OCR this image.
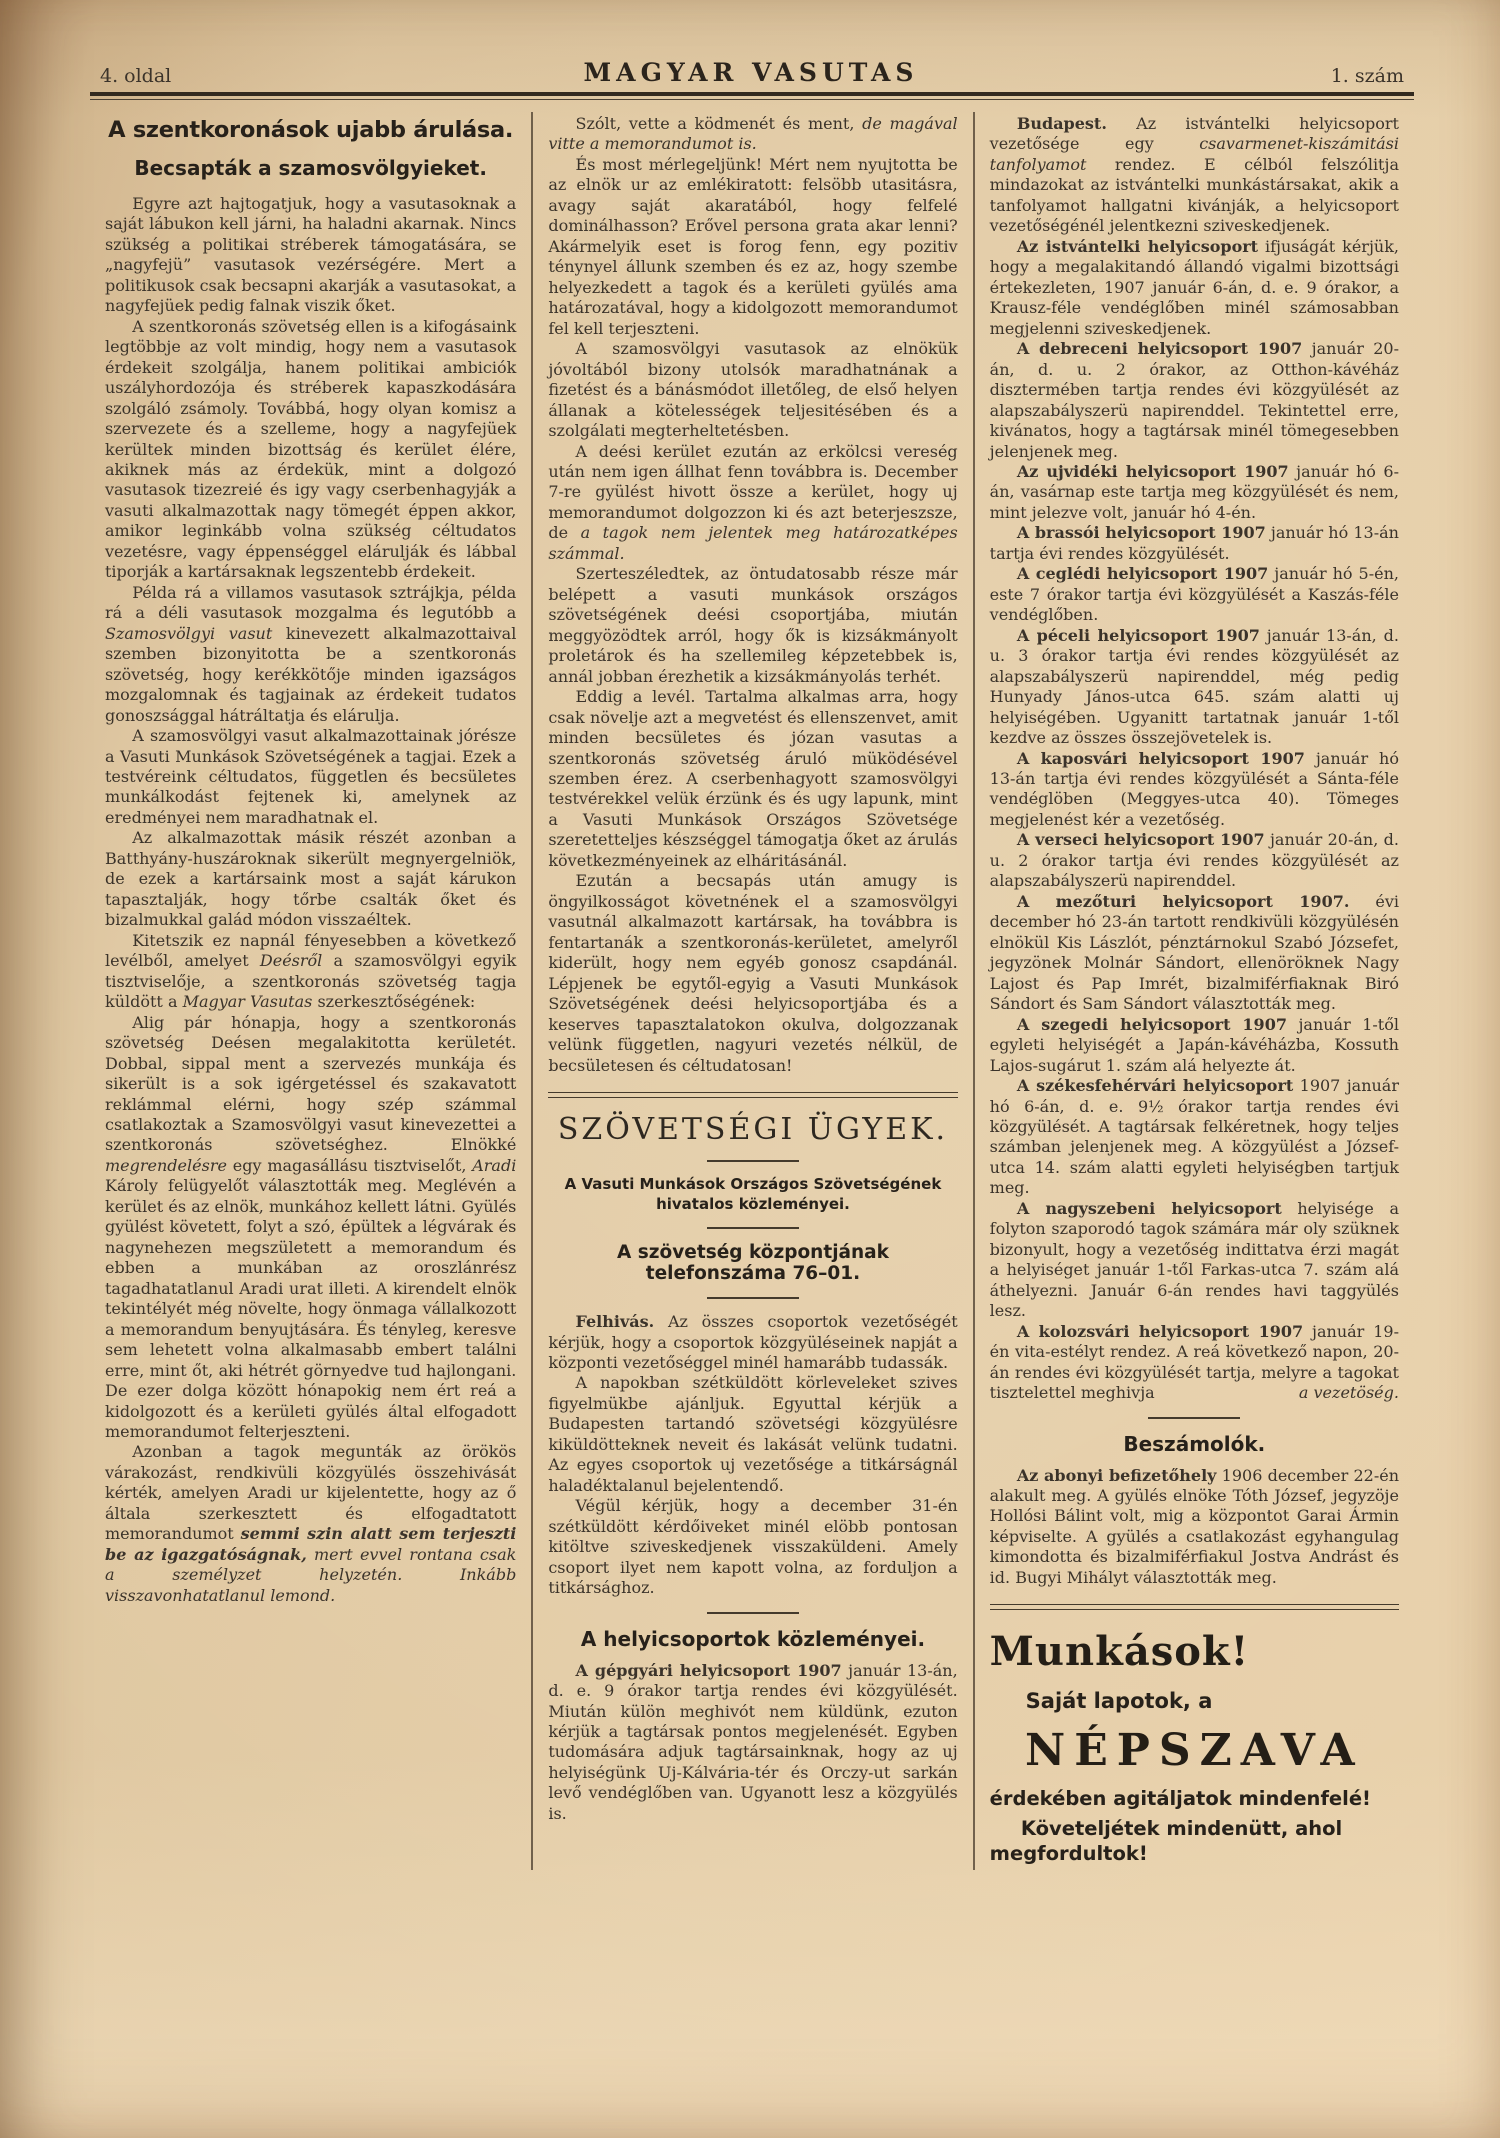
4. oldal	MAGYAR VASUTAS	1. szám
A szentkoronások ujabb árulása.
Becsapták a szamosvölgyieket.

Egyre azt hajtogatjuk, hogy a vasutasoknak a saját lábukon kell járni, ha haladni akarnak. Nincs szükség a politikai stréberek támogatására, se „nagyfejü” vasutasok vezérségére. Mert a politikusok csak becsapni akarják a vasutasokat, a nagyfejüek pedig falnak viszik őket.

A szentkoronás szövetség ellen is a kifogásaink legtöbbje az volt mindig, hogy nem a vasutasok érdekeit szolgálja, hanem politikai ambiciók uszályhordozója és stréberek kapaszkodására szolgáló zsámoly. Továbbá, hogy olyan komisz a szervezete és a szelleme, hogy a nagyfejüek kerültek minden bizottság és kerület élére, akiknek más az érdekük, mint a dolgozó vasutasok tizezreié és igy vagy cserbenhagyják a vasuti alkalmazottak nagy tömegét éppen akkor, amikor leginkább volna szükség céltudatos vezetésre, vagy éppenséggel elárulják és lábbal tiporják a kartársaknak legszentebb érdekeit.

Példa rá a villamos vasutasok sztrájkja, példa rá a déli vasutasok mozgalma és legutóbb a Szamosvölgyi vasut kinevezett alkalmazottaival szemben bizonyitotta be a szentkoronás szövetség, hogy kerékkötője minden igazságos mozgalomnak és tagjainak az érdekeit tudatos gonoszsággal hátráltatja és elárulja.

A szamosvölgyi vasut alkalmazottainak jórésze a Vasuti Munkások Szövetségének a tagjai. Ezek a testvéreink céltudatos, független és becsületes munkálkodást fejtenek ki, amelynek az eredményei nem maradhatnak el.

Az alkalmazottak másik részét azonban a Batthyány-huszároknak sikerült megnyergelniök, de ezek a kartársaink most a saját kárukon tapasztalják, hogy tőrbe csalták őket és bizalmukkal galád módon visszaéltek.

Kitetszik ez napnál fényesebben a következő levélből, amelyet Deésről a szamosvölgyi egyik tisztviselője, a szentkoronás szövetség tagja küldött a Magyar Vasutas szerkesztőségének:

Alig pár hónapja, hogy a szentkoronás szövetség Deésen megalakitotta kerületét. Dobbal, sippal ment a szervezés munkája és sikerült is a sok igérgetéssel és szakavatott reklámmal elérni, hogy szép számmal csatlakoztak a Szamosvölgyi vasut kinevezettei a szentkoronás szövetséghez. Elnökké megrendelésre egy magasállásu tisztviselőt, Aradi Károly felügyelőt választották meg. Meglévén a kerület és az elnök, munkához kellett látni. Gyülés gyülést követett, folyt a szó, épültek a légvárak és nagynehezen megszületett a memorandum és ebben a munkában az oroszlánrész tagadhatatlanul Aradi urat illeti. A kirendelt elnök tekintélyét még növelte, hogy önmaga vállalkozott a memorandum benyujtására. És tényleg, keresve sem lehetett volna alkalmasabb embert találni erre, mint őt, aki hétrét görnyedve tud hajlongani. De ezer dolga között hónapokig nem ért reá a kidolgozott és a kerületi gyülés által elfogadott memorandumot felterjeszteni.

Azonban a tagok megunták az örökös várakozást, rendkivüli közgyülés összehivását kérték, amelyen Aradi ur kijelentette, hogy az ő általa szerkesztett és elfogadtatott memorandumot semmi szin alatt sem terjeszti be az igazgatóságnak, mert evvel rontana csak a személyzet helyzetén. Inkább visszavonhatatlanul lemond.

Szólt, vette a ködmenét és ment, de magával vitte a memorandumot is.

És most mérlegeljünk! Mért nem nyujtotta be az elnök ur az emlékiratott: felsöbb utasitásra, avagy saját akaratából, hogy felfelé dominálhasson? Erővel persona grata akar lenni? Akármelyik eset is forog fenn, egy pozitiv ténynyel állunk szemben és ez az, hogy szembe helyezkedett a tagok és a kerületi gyülés ama határozatával, hogy a kidolgozott memorandumot fel kell terjeszteni.

A szamosvölgyi vasutasok az elnökük jóvoltából bizony utolsók maradhatnának a fizetést és a bánásmódot illetőleg, de első helyen állanak a kötelességek teljesitésében és a szolgálati megterheltetésben.

A deési kerület ezután az erkölcsi vereség után nem igen állhat fenn továbbra is. December 7-re gyülést hivott össze a kerület, hogy uj memorandumot dolgozzon ki és azt beterjeszsze, de a tagok nem jelentek meg határozatképes számmal.

Szerteszéledtek, az öntudatosabb része már belépett a vasuti munkások országos szövetségének deési csoportjába, miután meggyözödtek arról, hogy ők is kizsákmányolt proletárok és ha szellemileg képzetebbek is, annál jobban érezhetik a kizsákmányolás terhét.

Eddig a levél. Tartalma alkalmas arra, hogy csak növelje azt a megvetést és ellenszenvet, amit minden becsületes és józan vasutas a szentkoronás szövetség áruló müködésével szemben érez. A cserbenhagyott szamosvölgyi testvérekkel velük érzünk és és ugy lapunk, mint a Vasuti Munkások Országos Szövetsége szeretetteljes készséggel támogatja őket az árulás következményeinek az elháritásánál.

Ezután a becsapás után amugy is öngyilkosságot követnének el a szamosvölgyi vasutnál alkalmazott kartársak, ha továbbra is fentartanák a szentkoronás-kerületet, amelyről kiderült, hogy nem egyéb gonosz csapdánál. Lépjenek be egytől-egyig a Vasuti Munkások Szövetségének deési helyicsoportjába és a keserves tapasztalatokon okulva, dolgozzanak velünk független, nagyuri vezetés nélkül, de becsületesen és céltudatosan!

SZÖVETSÉGI ÜGYEK.
A Vasuti Munkások Országos Szövetségének hivatalos közleményei.
A szövetség központjának telefonszáma 76–01.

Felhivás. Az összes csoportok vezetőségét kérjük, hogy a csoportok közgyüléseinek napját a központi vezetőséggel minél hamarább tudassák.

A napokban szétküldött körleveleket szives figyelmükbe ajánljuk. Egyuttal kérjük a Budapesten tartandó szövetségi közgyülésre kiküldötteknek neveit és lakását velünk tudatni. Az egyes csoportok uj vezetősége a titkárságnál haladéktalanul bejelentendő.

Végül kérjük, hogy a december 31-én szétküldött kérdőiveket minél elöbb pontosan kitöltve sziveskedjenek visszaküldeni. Amely csoport ilyet nem kapott volna, az forduljon a titkársághoz.

A helyicsoportok közleményei.

A gépgyári helyicsoport 1907 január 13-án, d. e. 9 órakor tartja rendes évi közgyülését. Miután külön meghivót nem küldünk, ezuton kérjük a tagtársak pontos megjelenését. Egyben tudomására adjuk tagtársainknak, hogy az uj helyiségünk Uj-Kálvária-tér és Orczy-ut sarkán levő vendéglőben van. Ugyanott lesz a közgyülés is.

Budapest. Az istvántelki helyicsoport vezetősége egy csavarmenet-kiszámitási tanfolyamot rendez. E célból felszólitja mindazokat az istvántelki munkástársakat, akik a tanfolyamot hallgatni kivánják, a helyicsoport vezetőségénél jelentkezni sziveskedjenek.

Az istvántelki helyicsoport ifjuságát kérjük, hogy a megalakitandó állandó vigalmi bizottsági értekezleten, 1907 január 6-án, d. e. 9 órakor, a Krausz-féle vendéglőben minél számosabban megjelenni sziveskedjenek.

A debreceni helyicsoport 1907 január 20-án, d. u. 2 órakor, az Otthon-kávéház disztermében tartja rendes évi közgyülését az alapszabályszerü napirenddel. Tekintettel erre, kivánatos, hogy a tagtársak minél tömegesebben jelenjenek meg.

Az ujvidéki helyicsoport 1907 január hó 6-án, vasárnap este tartja meg közgyülését és nem, mint jelezve volt, január hó 4-én.

A brassói helyicsoport 1907 január hó 13-án tartja évi rendes közgyülését.

A ceglédi helyicsoport 1907 január hó 5-én, este 7 órakor tartja évi közgyülését a Kaszás-féle vendéglőben.

A péceli helyicsoport 1907 január 13-án, d. u. 3 órakor tartja évi rendes közgyülését az alapszabályszerü napirenddel, még pedig Hunyady János-utca 645. szám alatti uj helyiségében. Ugyanitt tartatnak január 1-től kezdve az összes összejövetelek is.

A kaposvári helyicsoport 1907 január hó 13-án tartja évi rendes közgyülését a Sánta-féle vendéglöben (Meggyes-utca 40). Tömeges megjelenést kér a vezetőség.

A verseci helyicsoport 1907 január 20-án, d. u. 2 órakor tartja évi rendes közgyülését az alapszabályszerü napirenddel.

A mezőturi helyicsoport 1907. évi december hó 23-án tartott rendkivüli közgyülésén elnökül Kis Lászlót, pénztárnokul Szabó Józsefet, jegyzönek Molnár Sándort, ellenöröknek Nagy Lajost és Pap Imrét, bizalmiférfiaknak Biró Sándort és Sam Sándort választották meg.

A szegedi helyicsoport 1907 január 1-től egyleti helyiségét a Japán-kávéházba, Kossuth Lajos-sugárut 1. szám alá helyezte át.

A székesfehérvári helyicsoport 1907 január hó 6-án, d. e. 9½ órakor tartja rendes évi közgyülését. A tagtársak felkéretnek, hogy teljes számban jelenjenek meg. A közgyülést a József-utca 14. szám alatti egyleti helyiségben tartjuk meg.

A nagyszebeni helyicsoport helyisége a folyton szaporodó tagok számára már oly szüknek bizonyult, hogy a vezetőség indittatva érzi magát a helyiséget január 1-től Farkas-utca 7. szám alá áthelyezni. Január 6-án rendes havi taggyülés lesz.

A kolozsvári helyicsoport 1907 január 19-én vita-estélyt rendez. A reá következő napon, 20-án rendes évi közgyülését tartja, melyre a tagokat tisztelettel meghivja	a vezetöség.

Beszámolók.

Az abonyi befizetőhely 1906 december 22-én alakult meg. A gyülés elnöke Tóth József, jegyzöje Hollósi Bálint volt, mig a központot Garai Ármin képviselte. A gyülés a csatlakozást egyhangulag kimondotta és bizalmiférfiakul Jostva Andrást és id. Bugyi Mihályt választották meg.

Munkások!
Saját lapotok, a
NÉPSZAVA
érdekében agitáljatok mindenfelé!
Követeljétek mindenütt, ahol megfordultok!
